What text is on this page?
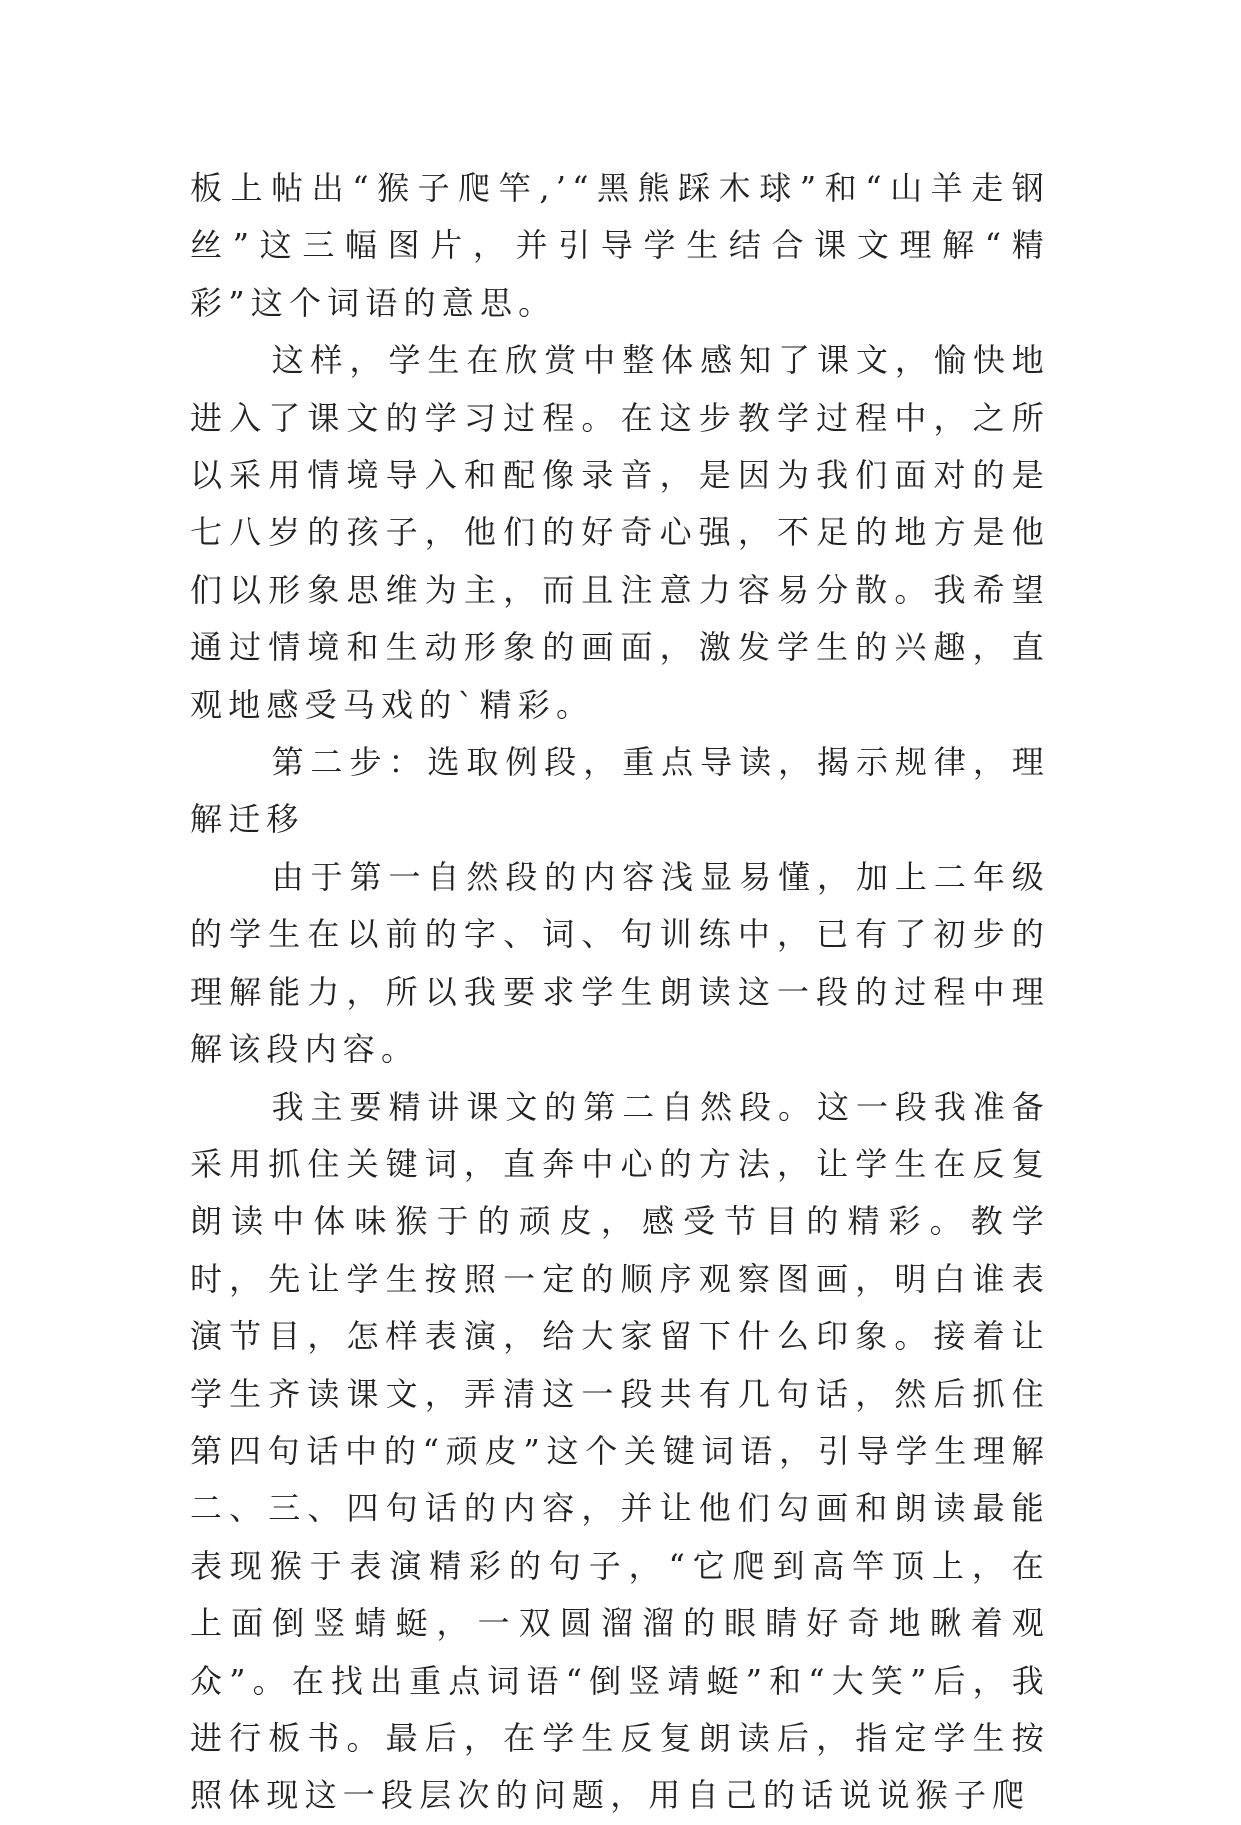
板上帖出“猴子爬竿,’“黑熊踩木球”和“山羊走钢丝”这三幅图片，并引导学生结合课文理解“精彩”这个词语的意思。

这样，学生在欣赏中整体感知了课文，愉快地进入了课文的学习过程。在这步教学过程中，之所以采用情境导入和配像录音，是因为我们面对的是七八岁的孩子，他们的好奇心强，不足的地方是他们以形象思维为主，而且注意力容易分散。我希望通过情境和生动形象的画面，激发学生的兴趣，直观地感受马戏的`精彩。

第二步：选取例段，重点导读，揭示规律，理解迁移

由于第一自然段的内容浅显易懂，加上二年级的学生在以前的字、词、句训练中，已有了初步的理解能力，所以我要求学生朗读这一段的过程中理解该段内容。

我主要精讲课文的第二自然段。这一段我准备采用抓住关键词，直奔中心的方法，让学生在反复朗读中体味猴于的顽皮，感受节目的精彩。教学时，先让学生按照一定的顺序观察图画，明白谁表演节目，怎样表演，给大家留下什么印象。接着让学生齐读课文，弄清这一段共有几句话，然后抓住第四句话中的“顽皮”这个关键词语，引导学生理解二、三、四句话的内容，并让他们勾画和朗读最能表现猴于表演精彩的句子，“它爬到高竿顶上，在上面倒竖蜻蜓，一双圆溜溜的眼睛好奇地瞅着观众”。在找出重点词语“倒竖靖蜓”和“大笑”后，我进行板书。最后，在学生反复朗读后，指定学生按照体现这一段层次的问题，用自己的话说说猴子爬
